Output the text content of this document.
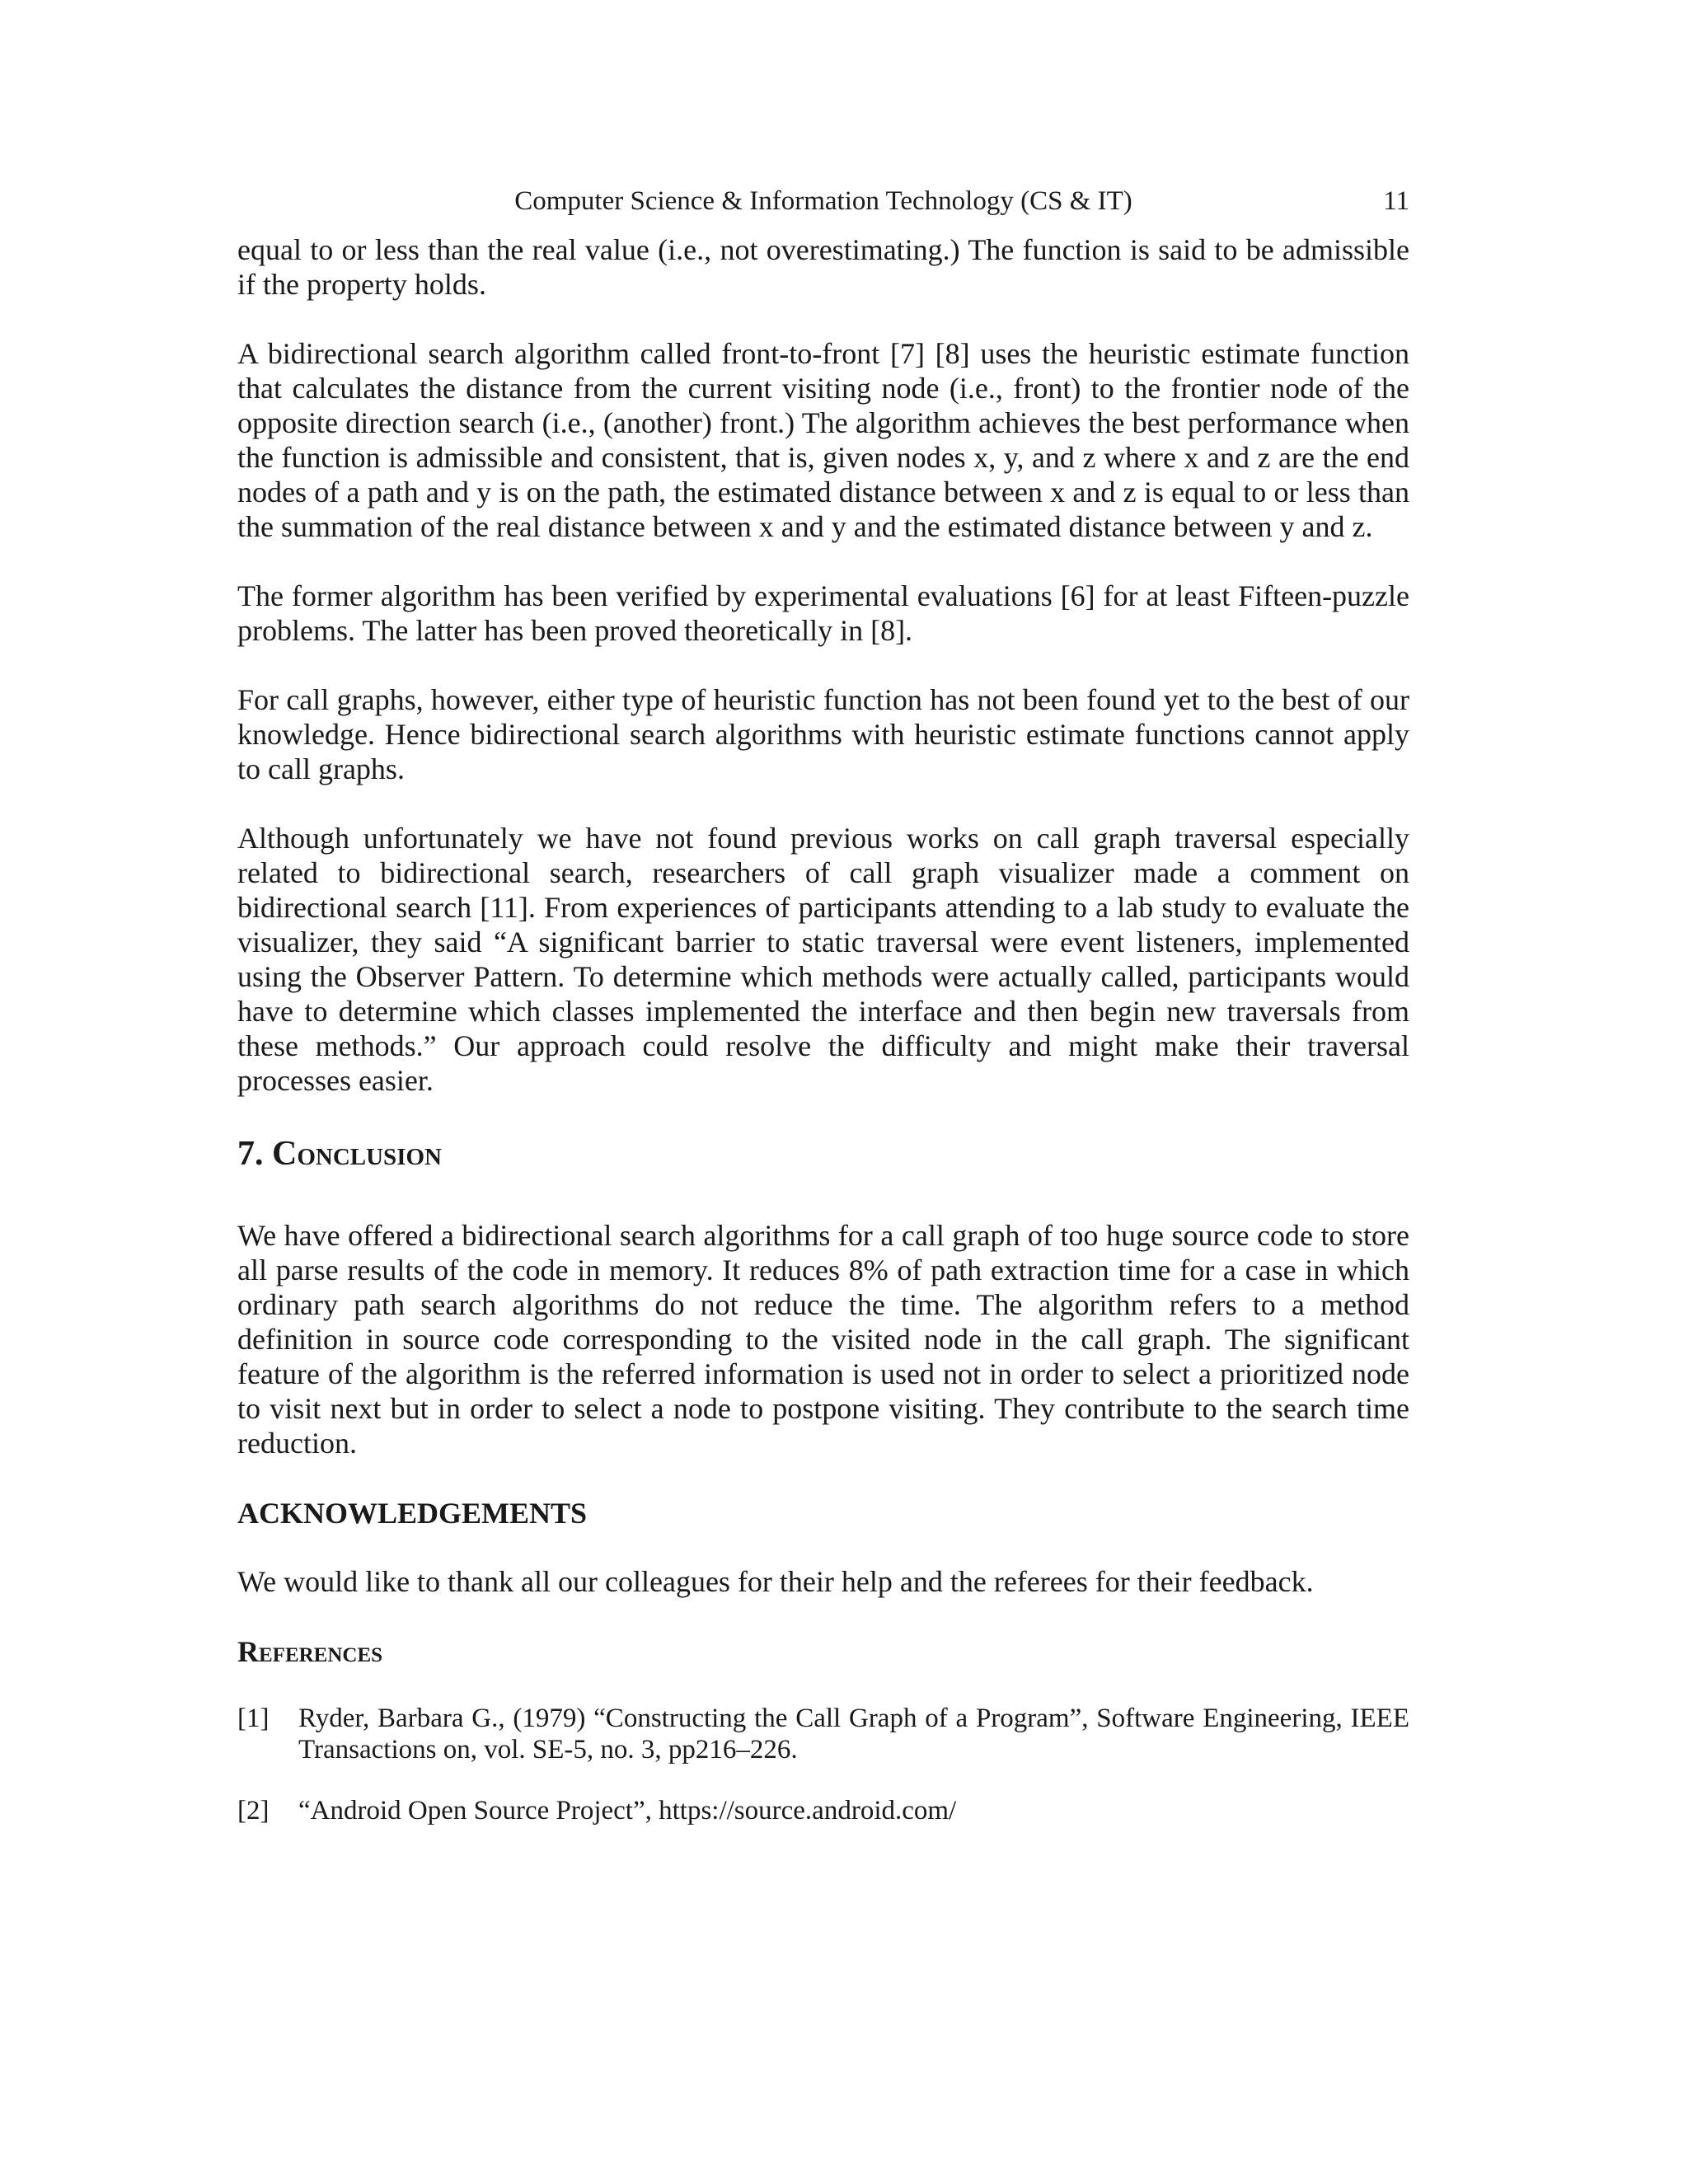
Computer Science & Information Technology (CS & IT)	11

equal to or less than the real value (i.e., not overestimating.) The function is said to be admissible if the property holds.

A bidirectional search algorithm called front-to-front [7] [8] uses the heuristic estimate function that calculates the distance from the current visiting node (i.e., front) to the frontier node of the opposite direction search (i.e., (another) front.) The algorithm achieves the best performance when the function is admissible and consistent, that is, given nodes x, y, and z where x and z are the end nodes of a path and y is on the path, the estimated distance between x and z is equal to or less than the summation of the real distance between x and y and the estimated distance between y and z.

The former algorithm has been verified by experimental evaluations [6] for at least Fifteen-puzzle problems. The latter has been proved theoretically in [8].

For call graphs, however, either type of heuristic function has not been found yet to the best of our knowledge. Hence bidirectional search algorithms with heuristic estimate functions cannot apply to call graphs.

Although unfortunately we have not found previous works on call graph traversal especially related to bidirectional search, researchers of call graph visualizer made a comment on bidirectional search [11]. From experiences of participants attending to a lab study to evaluate the visualizer, they said “A significant barrier to static traversal were event listeners, implemented using the Observer Pattern. To determine which methods were actually called, participants would have to determine which classes implemented the interface and then begin new traversals from these methods.” Our approach could resolve the difficulty and might make their traversal processes easier.

7. Conclusion

We have offered a bidirectional search algorithms for a call graph of too huge source code to store all parse results of the code in memory. It reduces 8% of path extraction time for a case in which ordinary path search algorithms do not reduce the time. The algorithm refers to a method definition in source code corresponding to the visited node in the call graph. The significant feature of the algorithm is the referred information is used not in order to select a prioritized node to visit next but in order to select a node to postpone visiting. They contribute to the search time reduction.

ACKNOWLEDGEMENTS

We would like to thank all our colleagues for their help and the referees for their feedback.

References
[1]	Ryder, Barbara G., (1979) “Constructing the Call Graph of a Program”, Software Engineering, IEEE Transactions on, vol. SE-5, no. 3, pp216–226.
[2]	“Android Open Source Project”, https://source.android.com/
